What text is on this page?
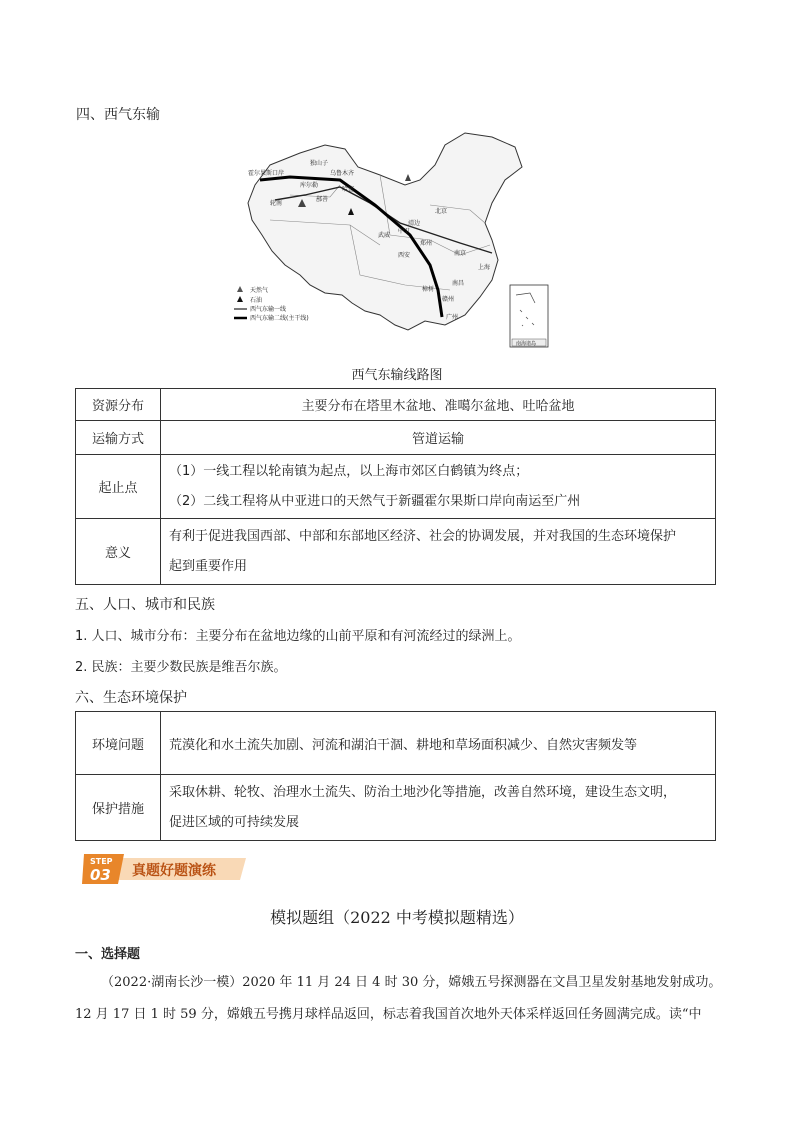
四、西气东输
独山子
乌鲁木齐
霍尔果斯口岸
库尔勒
轮南
哈密
鄯善
中卫
武威
靖边
北京
郑州
西安	南京
上海
南昌
樟树
赣州
广州
天然气
石油
西气东输一线
西气东输二线(主干线)
南海诸岛
西气东输线路图
资源分布	主要分布在塔里木盆地、准噶尔盆地、吐哈盆地
运输方式	管道运输
起止点	（1）一线工程以轮南镇为起点，以上海市郊区白鹤镇为终点；
（2）二线工程将从中亚进口的天然气于新疆霍尔果斯口岸向南运至广州

意义	有利于促进我国西部、中部和东部地区经济、社会的协调发展，并对我国的生态环境保护
起到重要作用
五、人口、城市和民族
1. 人口、城市分布：主要分布在盆地边缘的山前平原和有河流经过的绿洲上。
2. 民族：主要少数民族是维吾尔族。
六、生态环境保护
环境问题	荒漠化和水土流失加剧、河流和湖泊干涸、耕地和草场面积减少、自然灾害频发等
保护措施	采取休耕、轮牧、治理水土流失、防治土地沙化等措施，改善自然环境，建设生态文明，
促进区域的可持续发展
STEP
03 真题好题演练
模拟题组（2022 中考模拟题精选）
一、选择题
（2022·湖南长沙一模）2020 年 11 月 24 日 4 时 30 分，嫦娥五号探测器在文昌卫星发射基地发射成功。
12 月 17 日 1 时 59 分，嫦娥五号携月球样品返回，标志着我国首次地外天体采样返回任务圆满完成。读“中
